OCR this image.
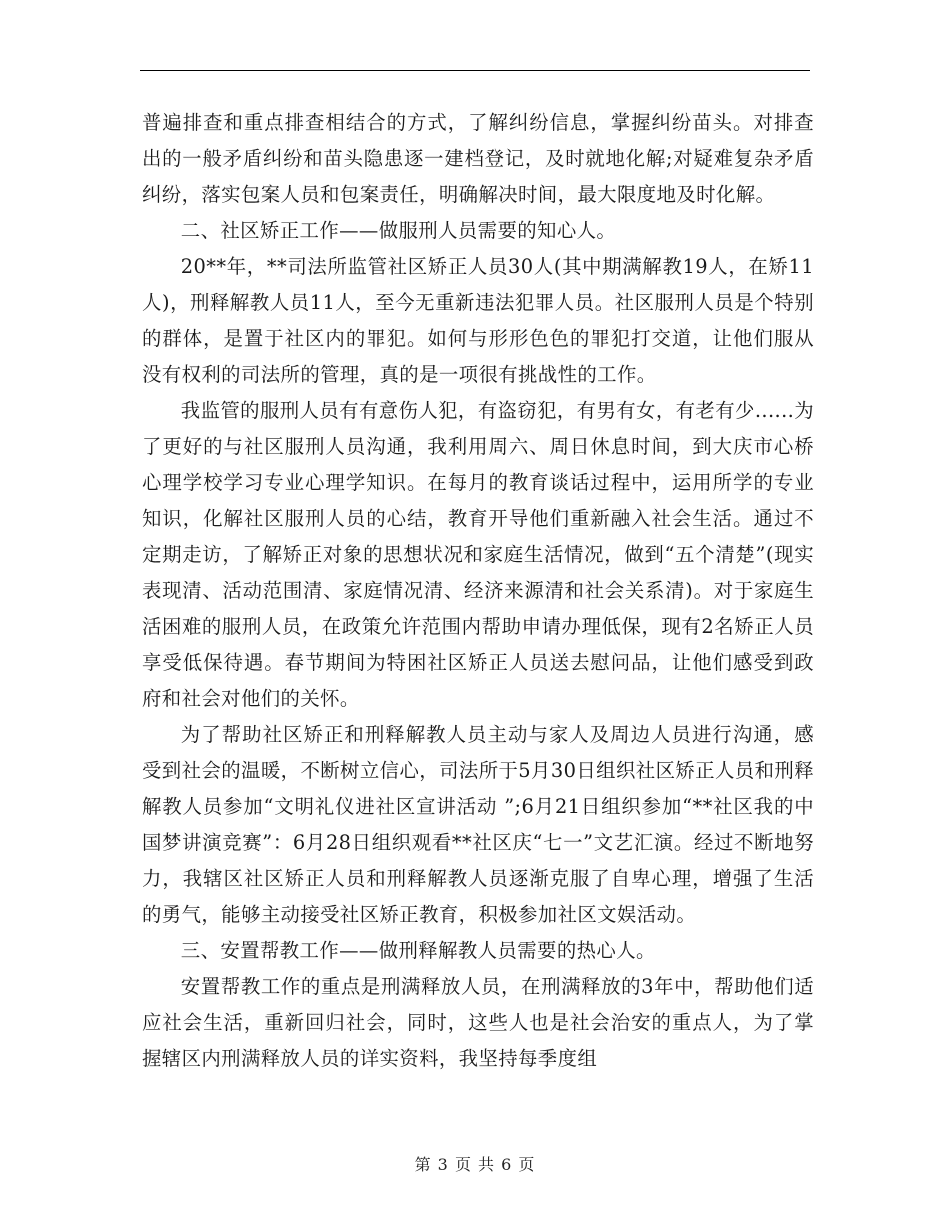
普遍排查和重点排查相结合的方式，了解纠纷信息，掌握纠纷苗头。对排查出的一般矛盾纠纷和苗头隐患逐一建档登记，及时就地化解;对疑难复杂矛盾纠纷，落实包案人员和包案责任，明确解决时间，最大限度地及时化解。

二、社区矫正工作——做服刑人员需要的知心人。

20**年，**司法所监管社区矫正人员30人(其中期满解教19人，在矫11人)，刑释解教人员11人，至今无重新违法犯罪人员。社区服刑人员是个特别的群体，是置于社区内的罪犯。如何与形形色色的罪犯打交道，让他们服从没有权利的司法所的管理，真的是一项很有挑战性的工作。

我监管的服刑人员有有意伤人犯，有盗窃犯，有男有女，有老有少......为了更好的与社区服刑人员沟通，我利用周六、周日休息时间，到大庆市心桥心理学校学习专业心理学知识。在每月的教育谈话过程中，运用所学的专业知识，化解社区服刑人员的心结，教育开导他们重新融入社会生活。通过不定期走访，了解矫正对象的思想状况和家庭生活情况，做到“五个清楚”(现实表现清、活动范围清、家庭情况清、经济来源清和社会关系清)。对于家庭生活困难的服刑人员，在政策允许范围内帮助申请办理低保，现有2名矫正人员享受低保待遇。春节期间为特困社区矫正人员送去慰问品，让他们感受到政府和社会对他们的关怀。

为了帮助社区矫正和刑释解教人员主动与家人及周边人员进行沟通，感受到社会的温暖，不断树立信心，司法所于5月30日组织社区矫正人员和刑释解教人员参加“文明礼仪进社区宣讲活动 ”;6月21日组织参加“**社区我的中国梦讲演竞赛”：6月28日组织观看**社区庆“七一”文艺汇演。经过不断地努力，我辖区社区矫正人员和刑释解教人员逐渐克服了自卑心理，增强了生活的勇气，能够主动接受社区矫正教育，积极参加社区文娱活动。

三、安置帮教工作——做刑释解教人员需要的热心人。

安置帮教工作的重点是刑满释放人员，在刑满释放的3年中，帮助他们适应社会生活，重新回归社会，同时，这些人也是社会治安的重点人，为了掌握辖区内刑满释放人员的详实资料，我坚持每季度组

第 3 页 共 6 页
